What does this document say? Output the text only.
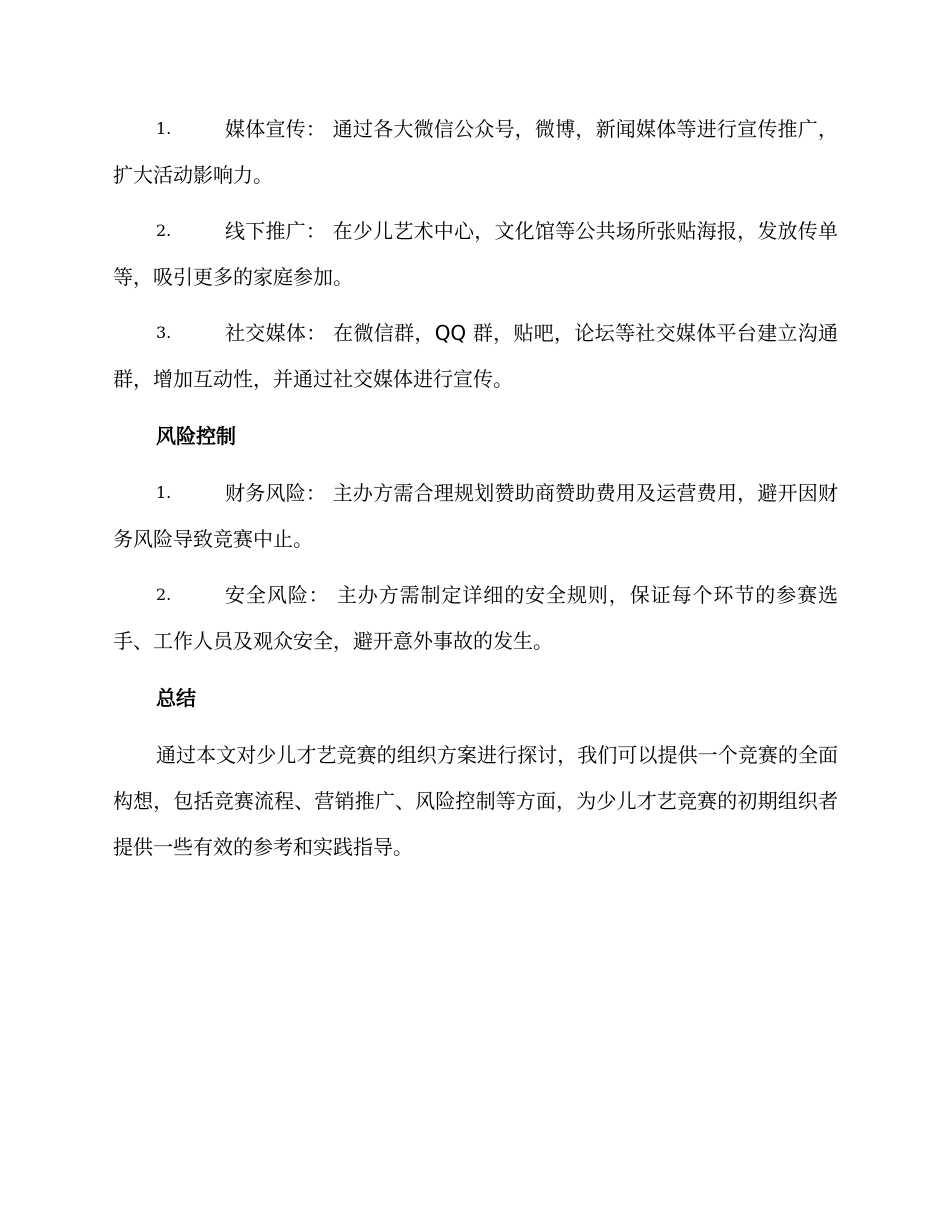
1.	媒体宣传： 通过各大微信公众号，微博，新闻媒体等进行宣传推广，扩大活动影响力。
2.	线下推广： 在少儿艺术中心，文化馆等公共场所张贴海报，发放传单等，吸引更多的家庭参加。
3.	社交媒体： 在微信群，QQ 群，贴吧，论坛等社交媒体平台建立沟通群，增加互动性，并通过社交媒体进行宣传。
风险控制
1.	财务风险： 主办方需合理规划赞助商赞助费用及运营费用，避开因财务风险导致竞赛中止。
2.	安全风险： 主办方需制定详细的安全规则，保证每个环节的参赛选手、工作人员及观众安全，避开意外事故的发生。
总结
通过本文对少儿才艺竞赛的组织方案进行探讨，我们可以提供一个竞赛的全面构想，包括竞赛流程、营销推广、风险控制等方面，为少儿才艺竞赛的初期组织者提供一些有效的参考和实践指导。
